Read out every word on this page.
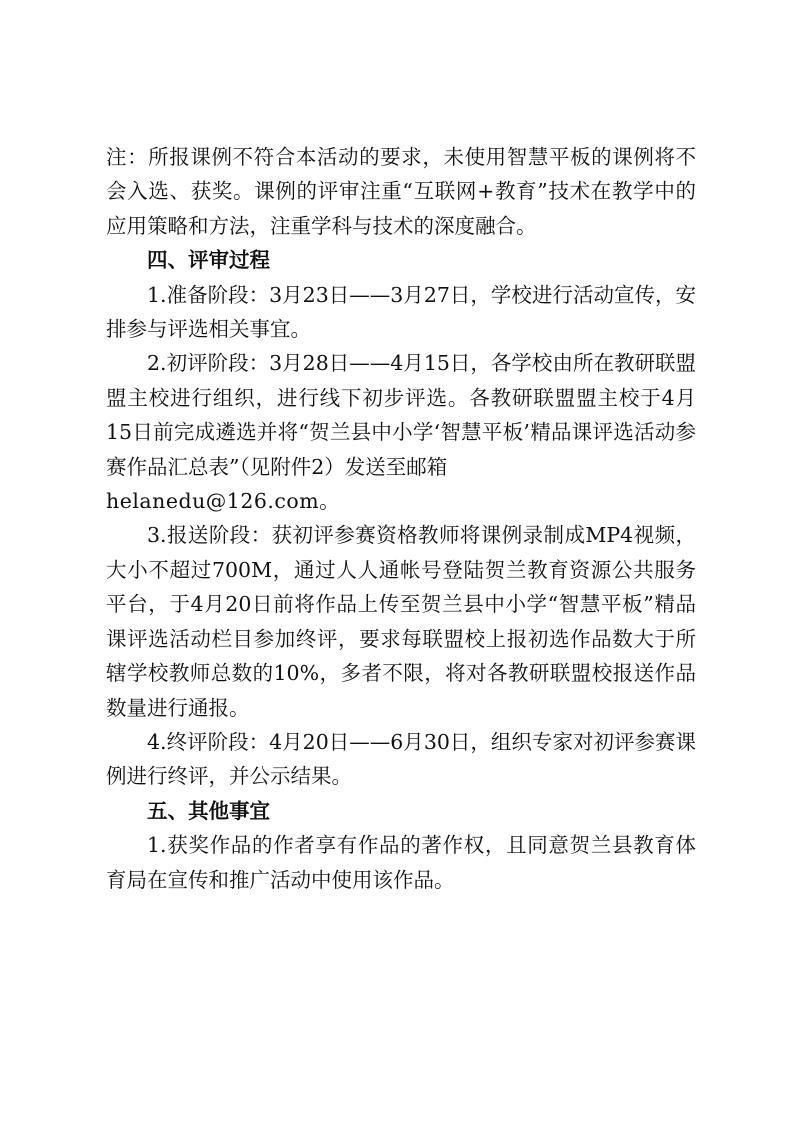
注：所报课例不符合本活动的要求，未使用智慧平板的课例将不会入选、获奖。课例的评审注重“互联网+教育”技术在教学中的应用策略和方法，注重学科与技术的深度融合。

四、评审过程

1.准备阶段：3月23日——3月27日，学校进行活动宣传，安排参与评选相关事宜。

2.初评阶段：3月28日——4月15日，各学校由所在教研联盟盟主校进行组织，进行线下初步评选。各教研联盟盟主校于4月15日前完成遴选并将“贺兰县中小学‘智慧平板’精品课评选活动参赛作品汇总表”（见附件2）发送至邮箱

helanedu@126.com。

3.报送阶段：获初评参赛资格教师将课例录制成MP4视频，大小不超过700M，通过人人通帐号登陆贺兰教育资源公共服务平台，于4月20日前将作品上传至贺兰县中小学“智慧平板”精品课评选活动栏目参加终评，要求每联盟校上报初选作品数大于所辖学校教师总数的10%，多者不限，将对各教研联盟校报送作品数量进行通报。

4.终评阶段：4月20日——6月30日，组织专家对初评参赛课例进行终评，并公示结果。

五、其他事宜

1.获奖作品的作者享有作品的著作权，且同意贺兰县教育体育局在宣传和推广活动中使用该作品。
